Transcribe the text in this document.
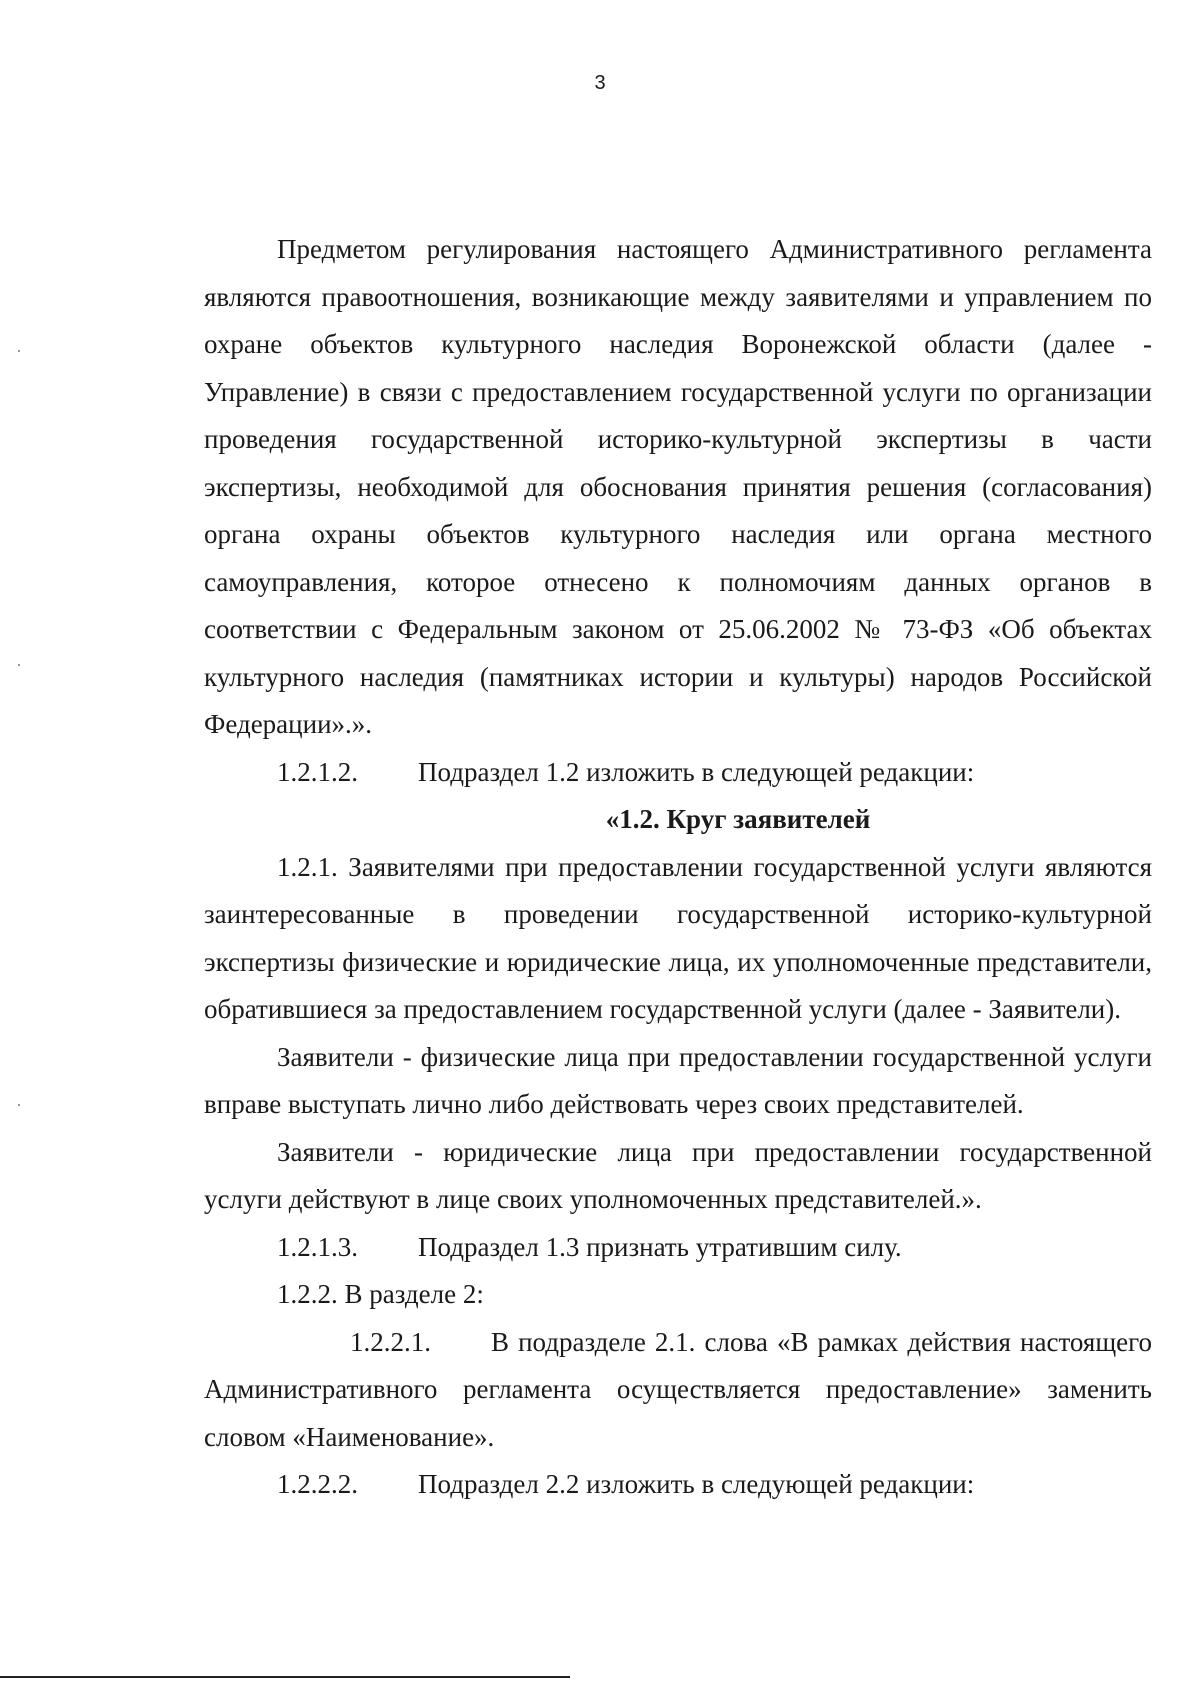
3

Предметом регулирования настоящего Административного регламента являются правоотношения, возникающие между заявителями и управлением по охране объектов культурного наследия Воронежской области (далее - Управление) в связи с предоставлением государственной услуги по организации проведения государственной историко-культурной экспертизы в части экспертизы, необходимой для обоснования принятия решения (согласования) органа охраны объектов культурного наследия или органа местного самоуправления, которое отнесено к полномочиям данных органов в соответствии с Федеральным законом от 25.06.2002 № 73-ФЗ «Об объектах культурного наследия (памятниках истории и культуры) народов Российской Федерации».».

1.2.1.2.	Подраздел 1.2 изложить в следующей редакции:
«1.2. Круг заявителей

1.2.1. Заявителями при предоставлении государственной услуги являются заинтересованные в проведении государственной историко-культурной экспертизы физические и юридические лица, их уполномоченные представители, обратившиеся за предоставлением государственной услуги (далее - Заявители).

Заявители - физические лица при предоставлении государственной услуги вправе выступать лично либо действовать через своих представителей.

Заявители - юридические лица при предоставлении государственной услуги действуют в лице своих уполномоченных представителей.».

1.2.1.3.	Подраздел 1.3 признать утратившим силу.

1.2.2. В разделе 2:

1.2.2.1. В подразделе 2.1. слова «В рамках действия настоящего Административного регламента осуществляется предоставление» заменить словом «Наименование».

1.2.2.2.	Подраздел 2.2 изложить в следующей редакции:
